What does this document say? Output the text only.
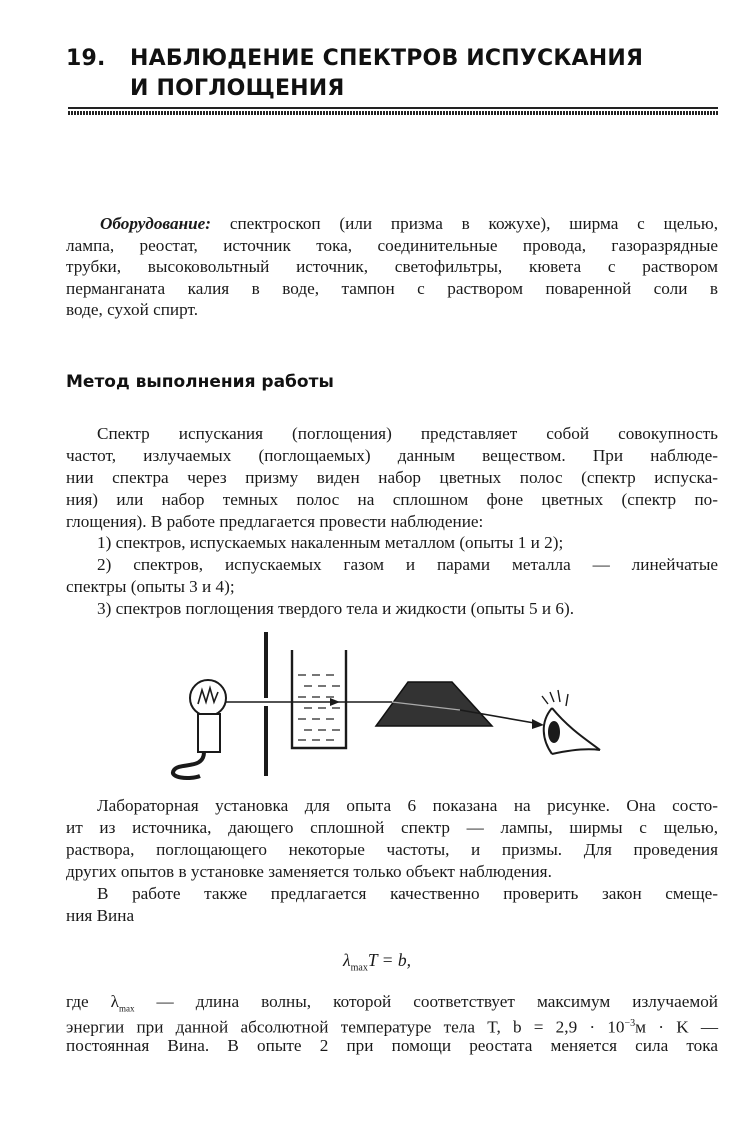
19. НАБЛЮДЕНИЕ СПЕКТРОВ ИСПУСКАНИЯ
И ПОГЛОЩЕНИЯ
Оборудование: спектроскоп (или призма в кожухе), ширма с щелью,
лампа, реостат, источник тока, соединительные провода, газоразрядные
трубки, высоковольтный источник, светофильтры, кювета с раствором
перманганата калия в воде, тампон с раствором поваренной соли в
воде, сухой спирт.
Метод выполнения работы
Спектр испускания (поглощения) представляет собой совокупность
частот, излучаемых (поглощаемых) данным веществом. При наблюде-
нии спектра через призму виден набор цветных полос (спектр испуска-
ния) или набор темных полос на сплошном фоне цветных (спектр по-
глощения). В работе предлагается провести наблюдение:
1) спектров, испускаемых накаленным металлом (опыты 1 и 2);
2) спектров, испускаемых газом и парами металла — линейчатые
спектры (опыты 3 и 4);
3) спектров поглощения твердого тела и жидкости (опыты 5 и 6).
Лабораторная установка для опыта 6 показана на рисунке. Она состо-
ит из источника, дающего сплошной спектр — лампы, ширмы с щелью,
раствора, поглощающего некоторые частоты, и призмы. Для проведения
других опытов в установке заменяется только объект наблюдения.
В работе также предлагается качественно проверить закон смеще-
ния Вина
$\lambda_{max}T = b$,
где $\lambda_{max}$ — длина волны, которой соответствует максимум излучаемой
энергии при данной абсолютной температуре тела T, $b = 2,9 \cdot 10^{-3}м \cdot K$ —
постоянная Вина. В опыте 2 при помощи реостата меняется сила тока
